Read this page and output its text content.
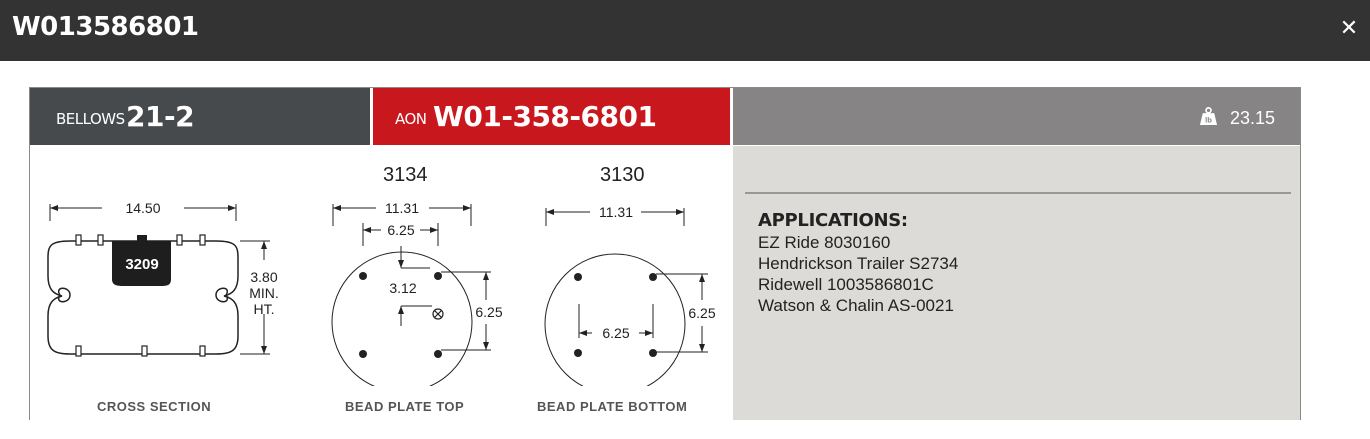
W013586801	✕
BELLOWS 21-2	AON W01-358-6801	lb 23.15
14.50
3209
3.80
MIN.
HT.
3134
11.31
6.25
3.12
6.25
BEAD PLATE TOP
3130
11.31
6.25
6.25
BEAD PLATE BOTTOM
CROSS SECTION
APPLICATIONS:
EZ Ride 8030160
Hendrickson Trailer S2734
Ridewell 1003586801C
Watson & Chalin AS-0021
